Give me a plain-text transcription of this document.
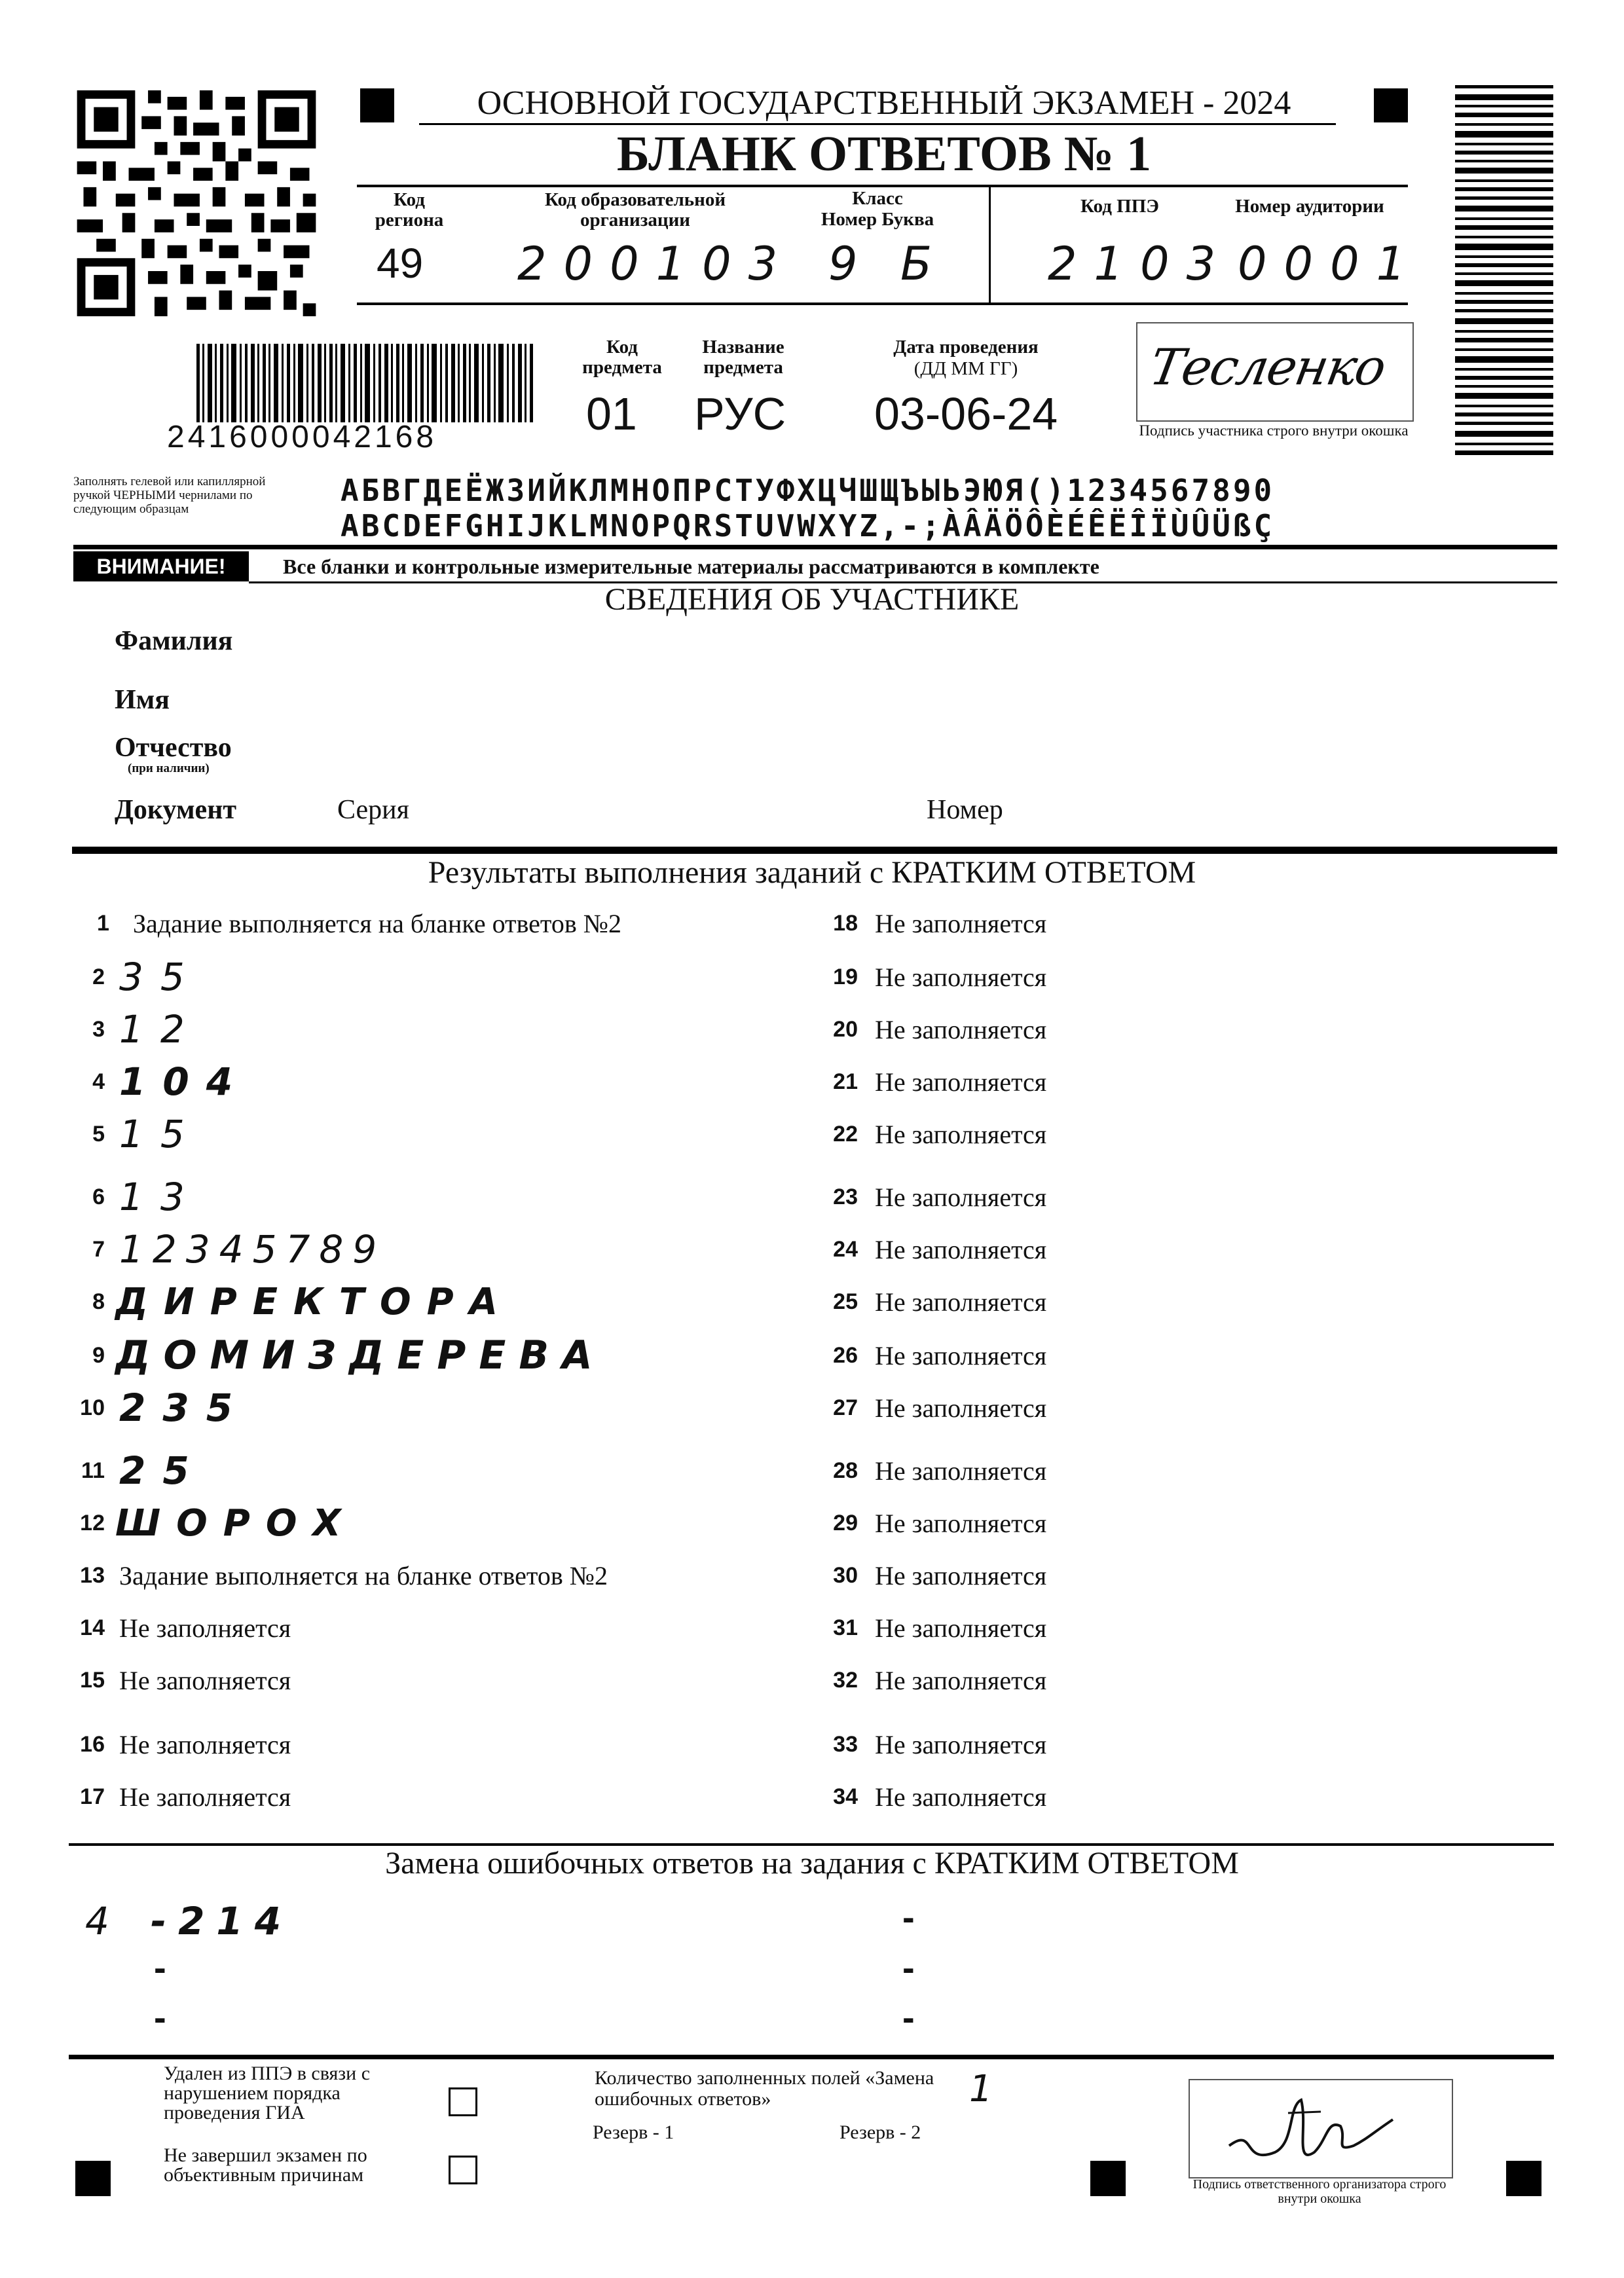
ОСНОВНОЙ ГОСУДАРСТВЕННЫЙ ЭКЗАМЕН - 2024
БЛАНК ОТВЕТОВ № 1
Код региона
49
Код образовательной организации
200103
Класс
Номер Буква
9 Б
Код ППЭ
2103
Номер аудитории
0001
2416000042168
Код предмета
01
Название предмета
РУС
Дата проведения
(ДД ММ ГГ)
03-06-24
Тесленко
Подпись участника строго внутри окошка
Заполнять гелевой или капиллярной ручкой ЧЕРНЫМИ чернилами по следующим образцам
АБВГДЕЁЖЗИЙКЛМНОПРСТУФХЦЧШЩЪЫЬЭЮЯ()1234567890
ABCDEFGHIJKLMNOPQRSTUVWXYZ,-;ÀÂÄÖÔÈÉÊËÎÏÙÛÜßÇ
ВНИМАНИЕ!	Все бланки и контрольные измерительные материалы рассматриваются в комплекте
СВЕДЕНИЯ ОБ УЧАСТНИКЕ
Фамилия
Имя
Отчество
(при наличии)
Документ	Серия	Номер
Результаты выполнения заданий с КРАТКИМ ОТВЕТОМ
1 Задание выполняется на бланке ответов №2
2 35
3 12
4 104
5 15
6 13
7 12345789
8 ДИРЕКТОРА
9 ДОМИЗДЕРЕВА
10 235
11 25
12 ШОРОХ
13 Задание выполняется на бланке ответов №2
14 Не заполняется
15 Не заполняется
16 Не заполняется
17 Не заполняется
18 Не заполняется
19 Не заполняется
20 Не заполняется
21 Не заполняется
22 Не заполняется
23 Не заполняется
24 Не заполняется
25 Не заполняется
26 Не заполняется
27 Не заполняется
28 Не заполняется
29 Не заполняется
30 Не заполняется
31 Не заполняется
32 Не заполняется
33 Не заполняется
34 Не заполняется
Замена ошибочных ответов на задания с КРАТКИМ ОТВЕТОМ
4 -214
-
-
-
-
-
Удален из ППЭ в связи с нарушением порядка проведения ГИА
Не завершил экзамен по объективным причинам
Количество заполненных полей «Замена ошибочных ответов»	1
Резерв - 1	Резерв - 2
Подпись ответственного организатора строго внутри окошка
